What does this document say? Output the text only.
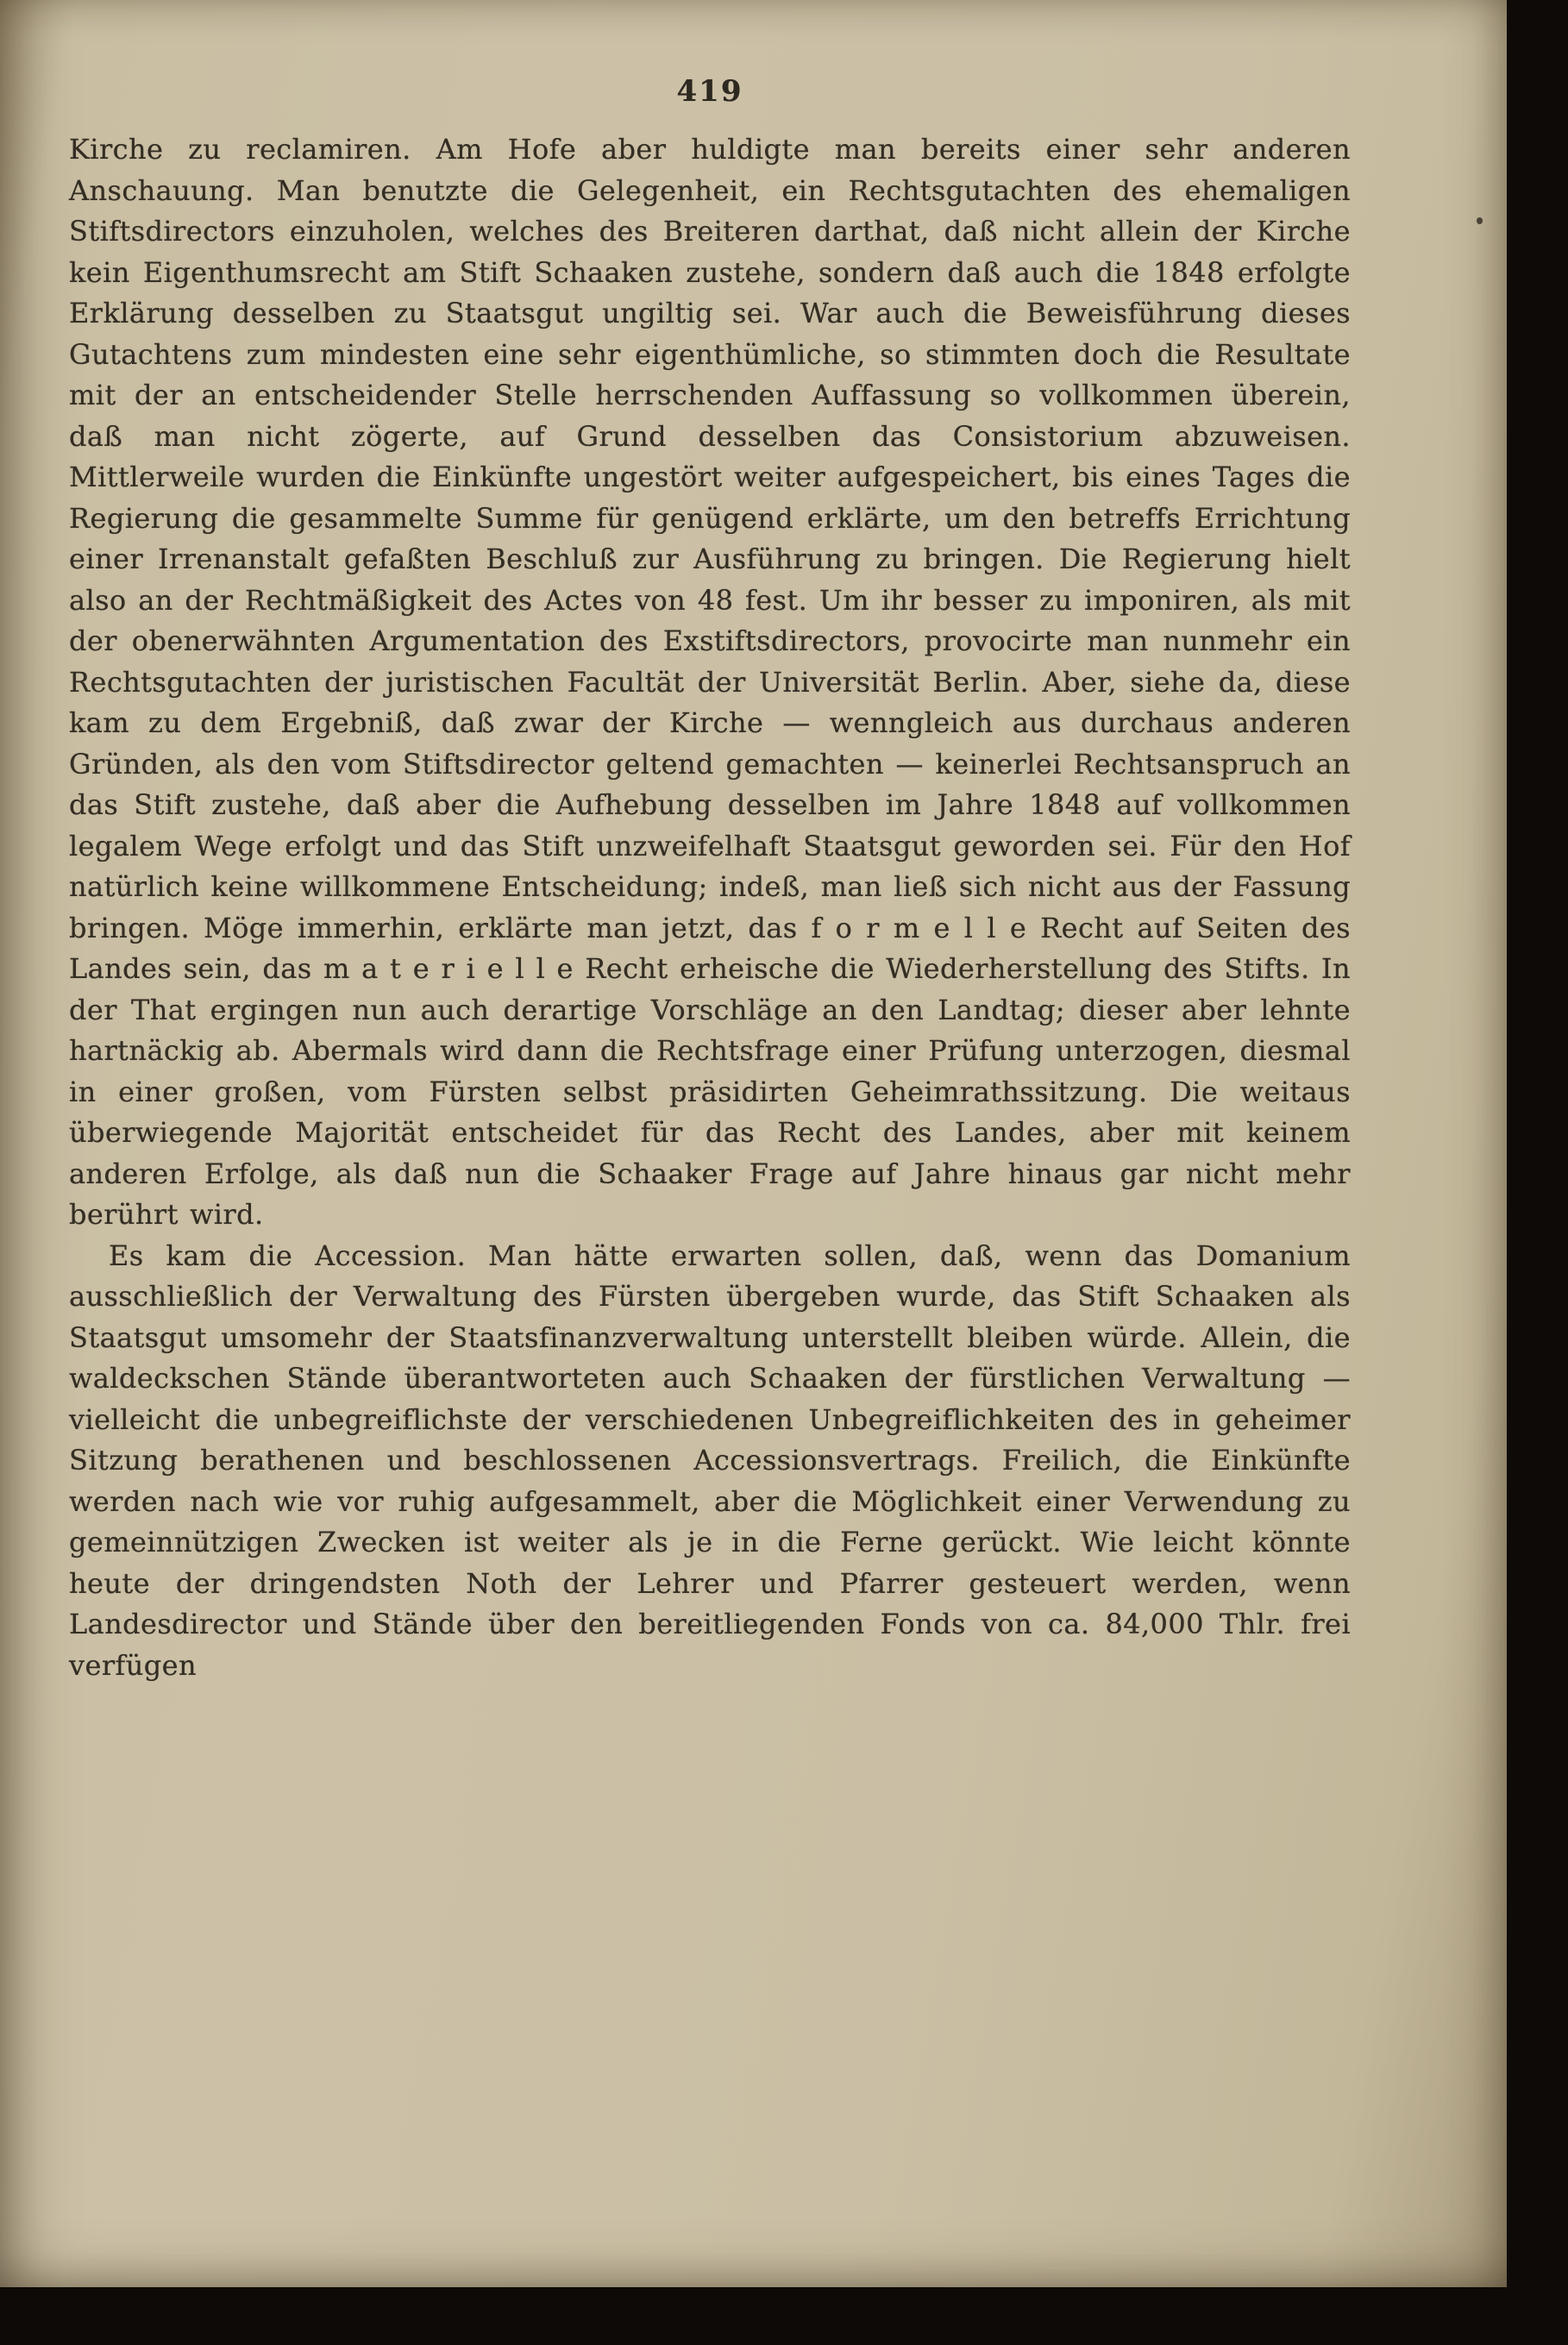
419

Kirche zu reclamiren. Am Hofe aber huldigte man bereits einer sehr anderen Anschauung. Man benutzte die Gelegenheit, ein Rechtsgutachten des ehemaligen Stiftsdirectors einzuholen, welches des Breiteren darthat, daß nicht allein der Kirche kein Eigenthumsrecht am Stift Schaaken zustehe, sondern daß auch die 1848 erfolgte Erklärung desselben zu Staatsgut ungiltig sei. War auch die Beweisführung dieses Gutachtens zum mindesten eine sehr eigenthümliche, so stimmten doch die Resultate mit der an entscheidender Stelle herrschenden Auffassung so vollkommen überein, daß man nicht zögerte, auf Grund desselben das Consistorium abzuweisen. Mittlerweile wurden die Einkünfte ungestört weiter aufgespeichert, bis eines Tages die Regierung die gesammelte Summe für genügend erklärte, um den betreffs Errichtung einer Irrenanstalt gefaßten Beschluß zur Ausführung zu bringen. Die Regierung hielt also an der Rechtmäßigkeit des Actes von 48 fest. Um ihr besser zu imponiren, als mit der obenerwähnten Argumentation des Exstiftsdirectors, provocirte man nunmehr ein Rechtsgutachten der juristischen Facultät der Universität Berlin. Aber, siehe da, diese kam zu dem Ergebniß, daß zwar der Kirche — wenngleich aus durchaus anderen Gründen, als den vom Stiftsdirector geltend gemachten — keinerlei Rechtsanspruch an das Stift zustehe, daß aber die Aufhebung desselben im Jahre 1848 auf vollkommen legalem Wege erfolgt und das Stift unzweifelhaft Staatsgut geworden sei. Für den Hof natürlich keine willkommene Entscheidung; indeß, man ließ sich nicht aus der Fassung bringen. Möge immerhin, erklärte man jetzt, das f o r m e l l e Recht auf Seiten des Landes sein, das m a t e r i e l l e Recht erheische die Wiederherstellung des Stifts. In der That ergingen nun auch derartige Vorschläge an den Landtag; dieser aber lehnte hartnäckig ab. Abermals wird dann die Rechtsfrage einer Prüfung unterzogen, diesmal in einer großen, vom Fürsten selbst präsidirten Geheimrathssitzung. Die weitaus überwiegende Majorität entscheidet für das Recht des Landes, aber mit keinem anderen Erfolge, als daß nun die Schaaker Frage auf Jahre hinaus gar nicht mehr berührt wird.

Es kam die Accession. Man hätte erwarten sollen, daß, wenn das Domanium ausschließlich der Verwaltung des Fürsten übergeben wurde, das Stift Schaaken als Staatsgut umsomehr der Staatsfinanzverwaltung unterstellt bleiben würde. Allein, die waldeckschen Stände überantworteten auch Schaaken der fürstlichen Verwaltung — vielleicht die unbegreiflichste der verschiedenen Unbegreiflichkeiten des in geheimer Sitzung berathenen und beschlossenen Accessionsvertrags. Freilich, die Einkünfte werden nach wie vor ruhig aufgesammelt, aber die Möglichkeit einer Verwendung zu gemeinnützigen Zwecken ist weiter als je in die Ferne gerückt. Wie leicht könnte heute der dringendsten Noth der Lehrer und Pfarrer gesteuert werden, wenn Landesdirector und Stände über den bereitliegenden Fonds von ca. 84,000 Thlr. frei verfügen
